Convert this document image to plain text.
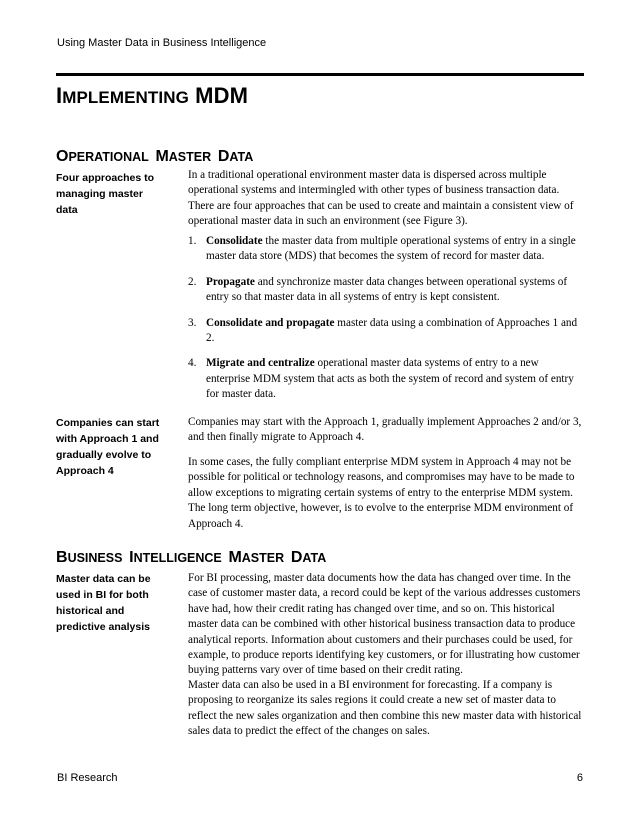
Using Master Data in Business Intelligence
IMPLEMENTING MDM
OPERATIONAL MASTER DATA
Four approaches to
managing master
data

In a traditional operational environment master data is dispersed across multiple operational systems and intermingled with other types of business transaction data. There are four approaches that can be used to create and maintain a consistent view of operational master data in such an environment (see Figure 3).

1. Consolidate the master data from multiple operational systems of entry in a single master data store (MDS) that becomes the system of record for master data.
2. Propagate and synchronize master data changes between operational systems of entry so that master data in all systems of entry is kept consistent.
3. Consolidate and propagate master data using a combination of Approaches 1 and 2.
4. Migrate and centralize operational master data systems of entry to a new enterprise MDM system that acts as both the system of record and system of entry for master data.
Companies can start
with Approach 1 and
gradually evolve to
Approach 4

Companies may start with the Approach 1, gradually implement Approaches 2 and/or 3, and then finally migrate to Approach 4.

In some cases, the fully compliant enterprise MDM system in Approach 4 may not be possible for political or technology reasons, and compromises may have to be made to allow exceptions to migrating certain systems of entry to the enterprise MDM system. The long term objective, however, is to evolve to the enterprise MDM environment of Approach 4.

BUSINESS INTELLIGENCE MASTER DATA
Master data can be
used in BI for both
historical and
predictive analysis

For BI processing, master data documents how the data has changed over time. In the case of customer master data, a record could be kept of the various addresses customers have had, how their credit rating has changed over time, and so on. This historical master data can be combined with other historical business transaction data to produce analytical reports. Information about customers and their purchases could be used, for example, to produce reports identifying key customers, or for illustrating how customer buying patterns vary over of time based on their credit rating.

Master data can also be used in a BI environment for forecasting. If a company is proposing to reorganize its sales regions it could create a new set of master data to reflect the new sales organization and then combine this new master data with historical sales data to predict the effect of the changes on sales.

BI Research	6
